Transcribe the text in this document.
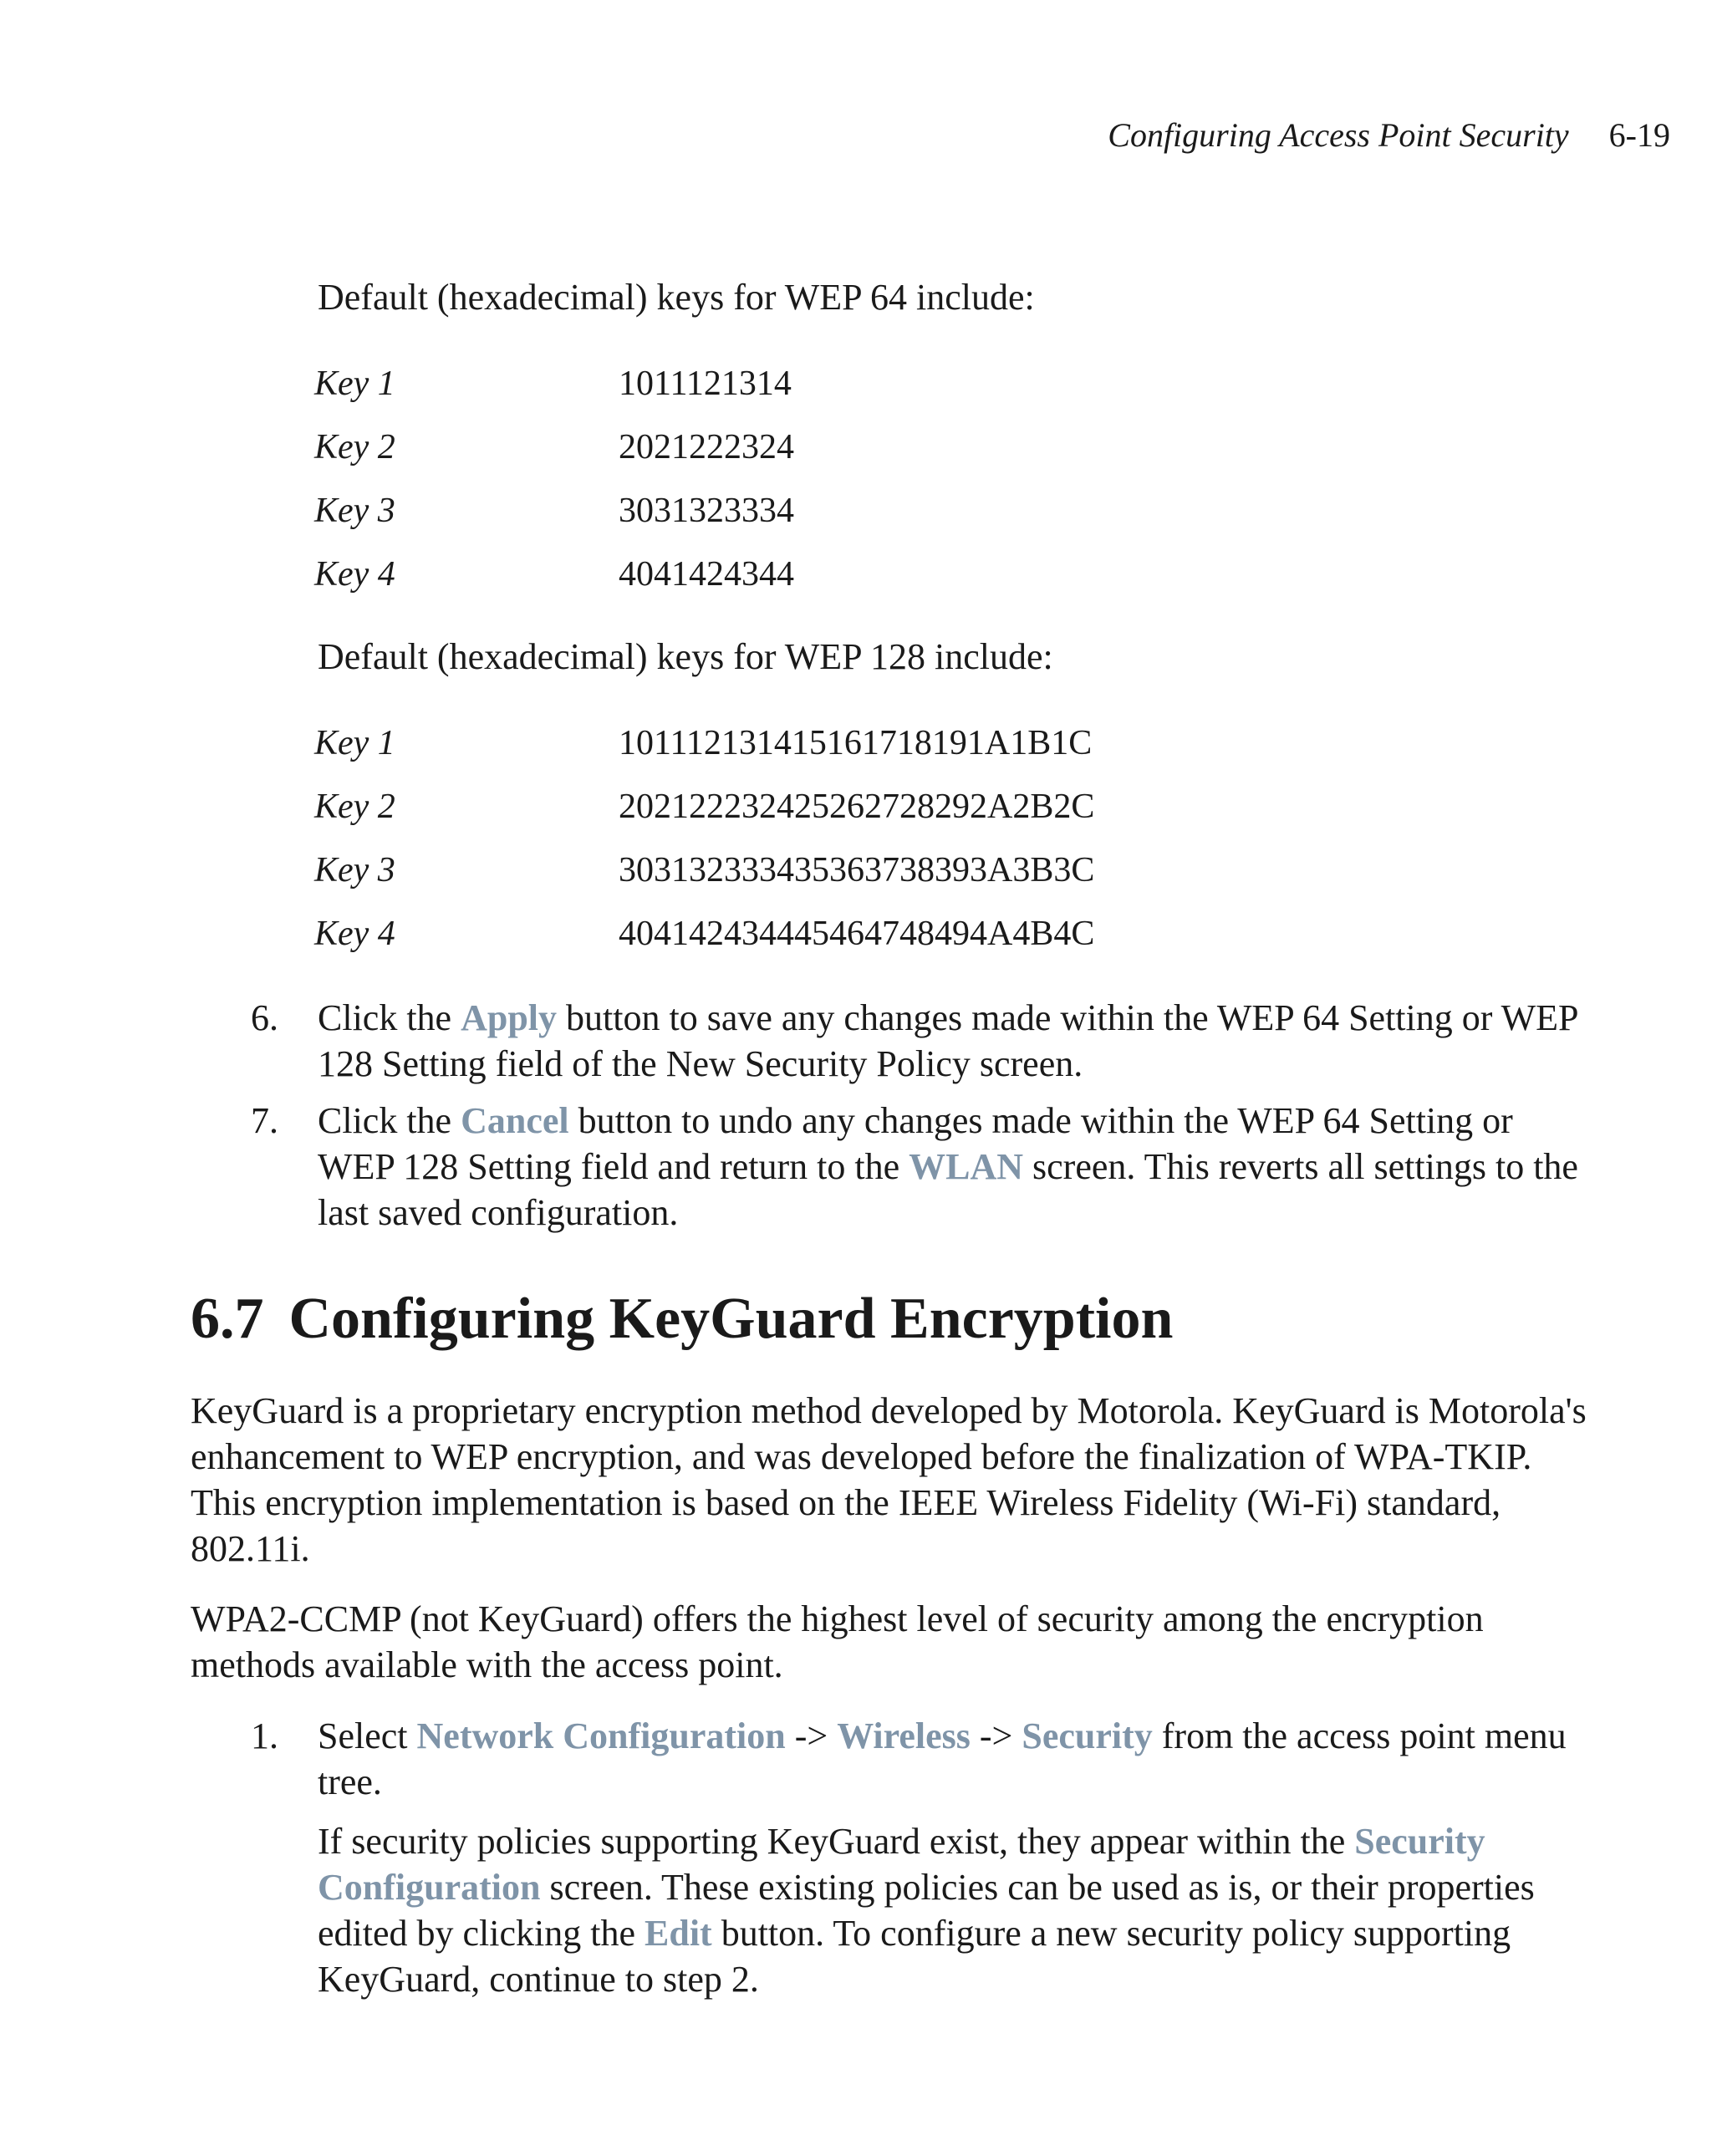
Configuring Access Point Security 6-19
Default (hexadecimal) keys for WEP 64 include:
Key 1	1011121314
Key 2	2021222324
Key 3	3031323334
Key 4	4041424344
Default (hexadecimal) keys for WEP 128 include:
Key 1	101112131415161718191A1B1C
Key 2	202122232425262728292A2B2C
Key 3	303132333435363738393A3B3C
Key 4	404142434445464748494A4B4C
6.	Click the Apply button to save any changes made within the WEP 64 Setting or WEP 128 Setting field of the New Security Policy screen.
7.	Click the Cancel button to undo any changes made within the WEP 64 Setting or WEP 128 Setting field and return to the WLAN screen. This reverts all settings to the last saved configuration.
6.7 Configuring KeyGuard Encryption
KeyGuard is a proprietary encryption method developed by Motorola. KeyGuard is Motorola's enhancement to WEP encryption, and was developed before the finalization of WPA-TKIP. This encryption implementation is based on the IEEE Wireless Fidelity (Wi-Fi) standard, 802.11i.
WPA2-CCMP (not KeyGuard) offers the highest level of security among the encryption methods available with the access point.
1.	Select Network Configuration -> Wireless -> Security from the access point menu tree.
If security policies supporting KeyGuard exist, they appear within the Security Configuration screen. These existing policies can be used as is, or their properties edited by clicking the Edit button. To configure a new security policy supporting KeyGuard, continue to step 2.
